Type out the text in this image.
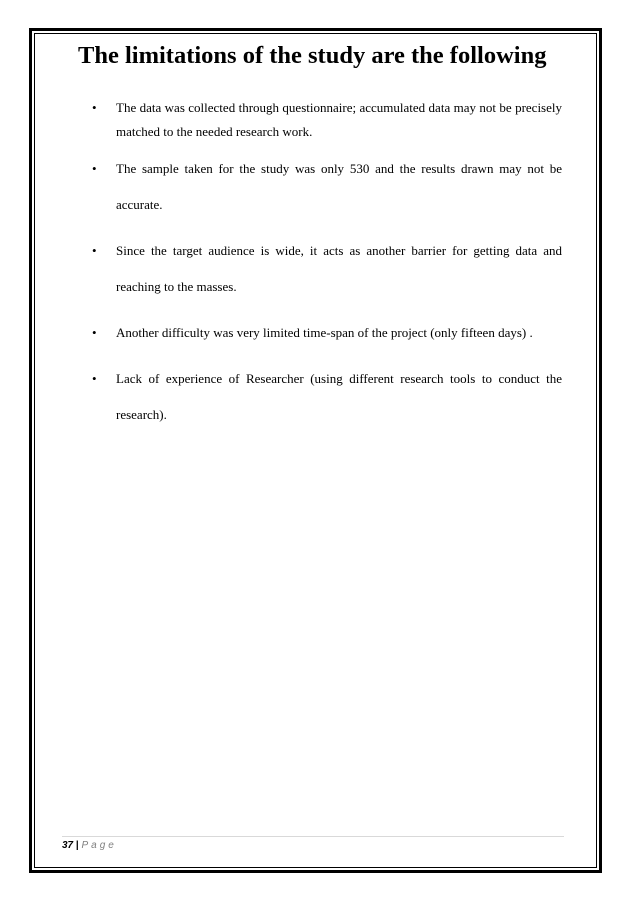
The limitations of the study are the following
• The data was collected through questionnaire; accumulated data may not be precisely matched to the needed research work.
• The sample taken for the study was only 530 and the results drawn may not be accurate.
• Since the target audience is wide, it acts as another barrier for getting data and reaching to the masses.
• Another difficulty was very limited time-span of the project (only fifteen days) .
• Lack of experience of Researcher (using different research tools to conduct the research).
37 | Page
